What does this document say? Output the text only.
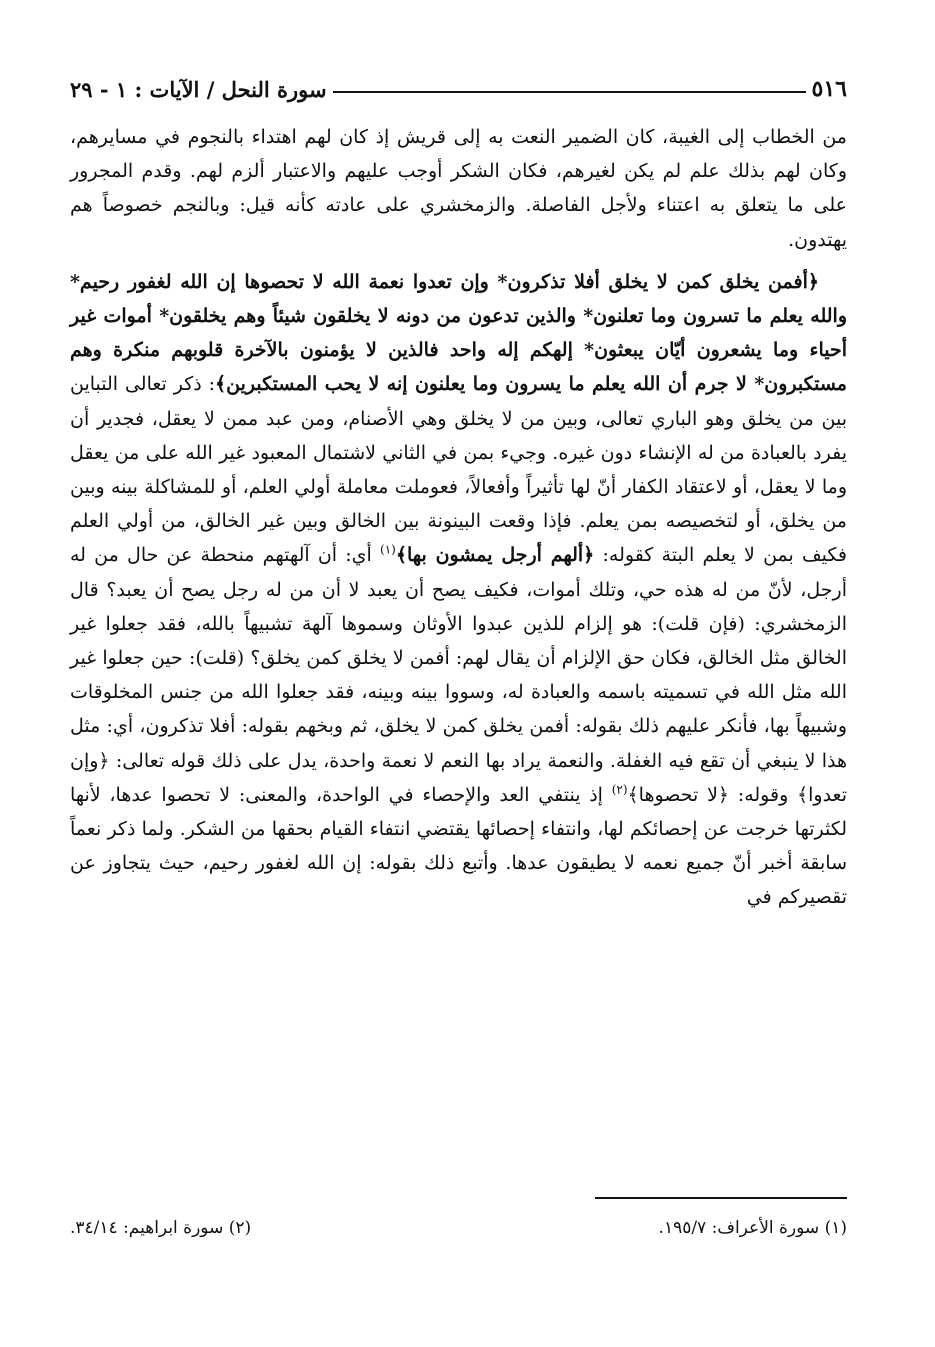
٥١٦
سورة النحل / الآيات : ١ - ٢٩

من الخطاب إلى الغيبة، كان الضمير النعت به إلى قريش إذ كان لهم اهتداء بالنجوم في مسايرهم، وكان لهم بذلك علم لم يكن لغيرهم، فكان الشكر أوجب عليهم والاعتبار ألزم لهم. وقدم المجرور على ما يتعلق به اعتناء ولأجل الفاصلة. والزمخشري على عادته كأنه قيل: وبالنجم خصوصاً هم يهتدون.

﴿أفمن يخلق كمن لا يخلق أفلا تذكرون* وإن تعدوا نعمة الله لا تحصوها إن الله لغفور رحيم* والله يعلم ما تسرون وما تعلنون* والذين تدعون من دونه لا يخلقون شيئاً وهم يخلقون* أموات غير أحياء وما يشعرون أيّان يبعثون* إلهكم إله واحد فالذين لا يؤمنون بالآخرة قلوبهم منكرة وهم مستكبرون* لا جرم أن الله يعلم ما يسرون وما يعلنون إنه لا يحب المستكبرين﴾: ذكر تعالى التباين بين من يخلق وهو الباري تعالى، وبين من لا يخلق وهي الأصنام، ومن عبد ممن لا يعقل، فجدير أن يفرد بالعبادة من له الإنشاء دون غيره. وجيء بمن في الثاني لاشتمال المعبود غير الله على من يعقل وما لا يعقل، أو لاعتقاد الكفار أنّ لها تأثيراً وأفعالاً، فعوملت معاملة أولي العلم، أو للمشاكلة بينه وبين من يخلق، أو لتخصيصه بمن يعلم. فإذا وقعت البينونة بين الخالق وبين غير الخالق، من أولي العلم فكيف بمن لا يعلم البتة كقوله: ﴿ألهم أرجل يمشون بها﴾$^{(١)}$ أي: أن آلهتهم منحطة عن حال من له أرجل، لأنّ من له هذه حي، وتلك أموات، فكيف يصح أن يعبد لا أن من له رجل يصح أن يعبد؟ قال الزمخشري: (فإن قلت): هو إلزام للذين عبدوا الأوثان وسموها آلهة تشبيهاً بالله، فقد جعلوا غير الخالق مثل الخالق، فكان حق الإلزام أن يقال لهم: أفمن لا يخلق كمن يخلق؟ (قلت): حين جعلوا غير الله مثل الله في تسميته باسمه والعبادة له، وسووا بينه وبينه، فقد جعلوا الله من جنس المخلوقات وشبيهاً بها، فأنكر عليهم ذلك بقوله: أفمن يخلق كمن لا يخلق، ثم وبخهم بقوله: أفلا تذكرون، أي: مثل هذا لا ينبغي أن تقع فيه الغفلة. والنعمة يراد بها النعم لا نعمة واحدة، يدل على ذلك قوله تعالى: ﴿وإن تعدوا﴾ وقوله: ﴿لا تحصوها﴾$^{(٢)}$ إذ ينتفي العد والإحصاء في الواحدة، والمعنى: لا تحصوا عدها، لأنها لكثرتها خرجت عن إحصائكم لها، وانتفاء إحصائها يقتضي انتفاء القيام بحقها من الشكر. ولما ذكر نعماً سابقة أخبر أنّ جميع نعمه لا يطيقون عدها. وأتبع ذلك بقوله: إن الله لغفور رحيم، حيث يتجاوز عن تقصيركم في

(١) سورة الأعراف: ١٩٥/٧.
(٢) سورة ابراهيم: ٣٤/١٤.
